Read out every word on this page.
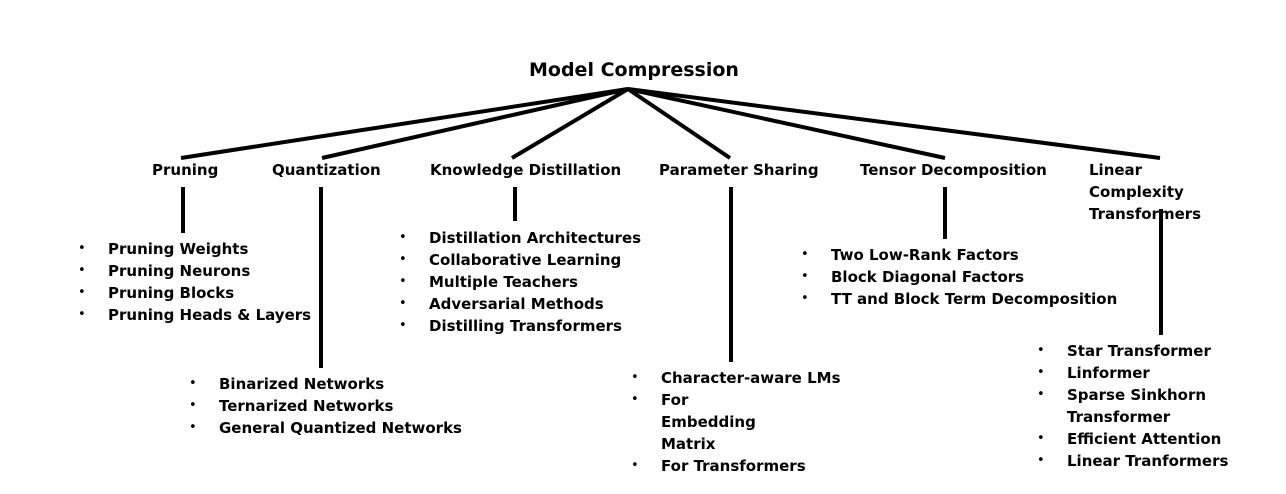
Model Compression
Pruning	Quantization	Knowledge Distillation	Parameter Sharing	Tensor Decomposition	Linear Complexity Transformers
• Pruning Weights
• Pruning Neurons
• Pruning Blocks
• Pruning Heads & Layers
• Binarized Networks
• Ternarized Networks
• General Quantized Networks
• Distillation Architectures
• Collaborative Learning
• Multiple Teachers
• Adversarial Methods
• Distilling Transformers
• Character-aware LMs
• For Embedding Matrix
• For Transformers
• Two Low-Rank Factors
• Block Diagonal Factors
• TT and Block Term Decomposition
• Star Transformer
• Linformer
• Sparse Sinkhorn Transformer
• Efficient Attention
• Linear Tranformers
